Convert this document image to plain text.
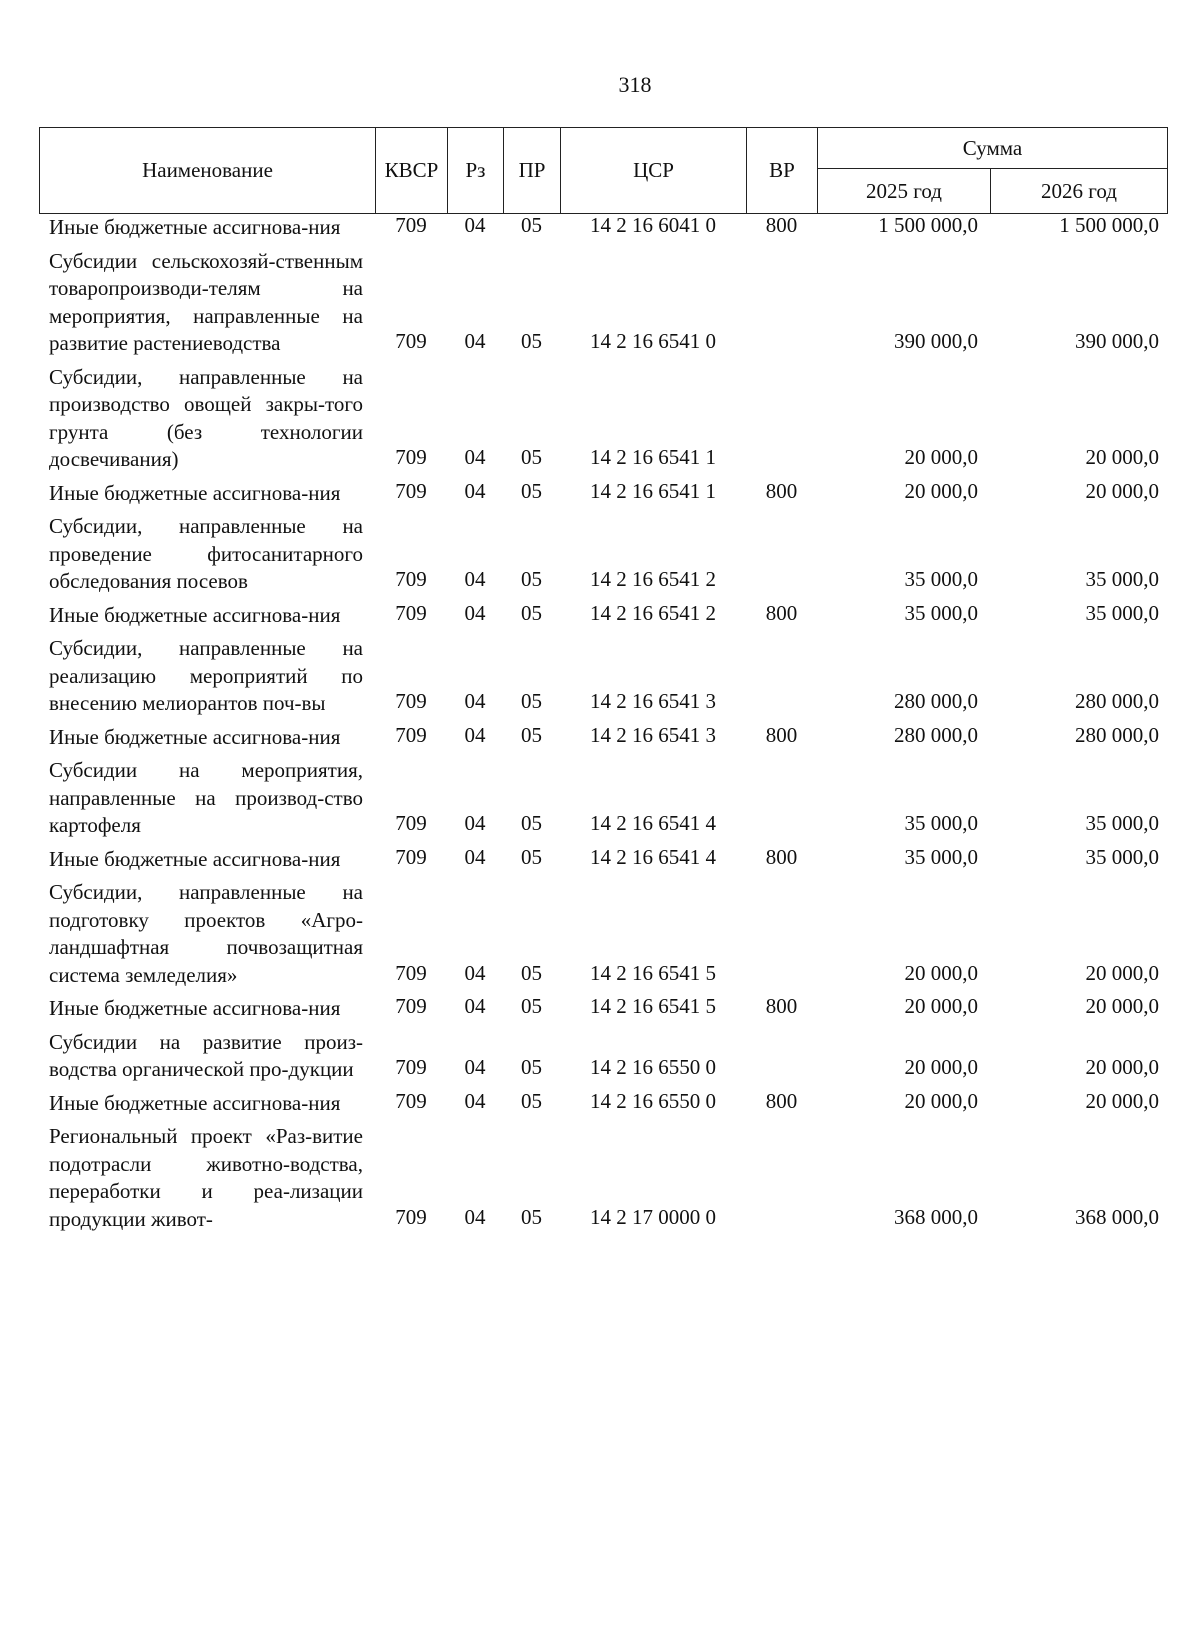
318
Наименование	КВСР	Рз	ПР	ЦСР	ВР	Сумма	
						2025 год	2026 год
Иные бюджетные ассигнова-ния	709	04	05	14 2 16 6041 0	800	1 500 000,0	1 500 000,0
Субсидии сельскохозяй-ственным товаропроизводи-телям на мероприятия, направленные на развитие растениеводства	709	04	05	14 2 16 6541 0		390 000,0	390 000,0
Субсидии, направленные на производство овощей закры-того грунта (без технологии досвечивания)	709	04	05	14 2 16 6541 1		20 000,0	20 000,0
Иные бюджетные ассигнова-ния	709	04	05	14 2 16 6541 1	800	20 000,0	20 000,0
Субсидии, направленные на проведение фитосанитарного обследования посевов	709	04	05	14 2 16 6541 2		35 000,0	35 000,0
Иные бюджетные ассигнова-ния	709	04	05	14 2 16 6541 2	800	35 000,0	35 000,0
Субсидии, направленные на реализацию мероприятий по внесению мелиорантов поч-вы	709	04	05	14 2 16 6541 3		280 000,0	280 000,0
Иные бюджетные ассигнова-ния	709	04	05	14 2 16 6541 3	800	280 000,0	280 000,0
Субсидии на мероприятия, направленные на производ-ство картофеля	709	04	05	14 2 16 6541 4		35 000,0	35 000,0
Иные бюджетные ассигнова-ния	709	04	05	14 2 16 6541 4	800	35 000,0	35 000,0
Субсидии, направленные на подготовку проектов «Агро-ландшафтная почвозащитная система земледелия»	709	04	05	14 2 16 6541 5		20 000,0	20 000,0
Иные бюджетные ассигнова-ния	709	04	05	14 2 16 6541 5	800	20 000,0	20 000,0
Субсидии на развитие произ-водства органической про-дукции	709	04	05	14 2 16 6550 0		20 000,0	20 000,0
Иные бюджетные ассигнова-ния	709	04	05	14 2 16 6550 0	800	20 000,0	20 000,0
Региональный проект «Раз-витие подотрасли животно-водства, переработки и реа-лизации продукции живот-	709	04	05	14 2 17 0000 0		368 000,0	368 000,0
